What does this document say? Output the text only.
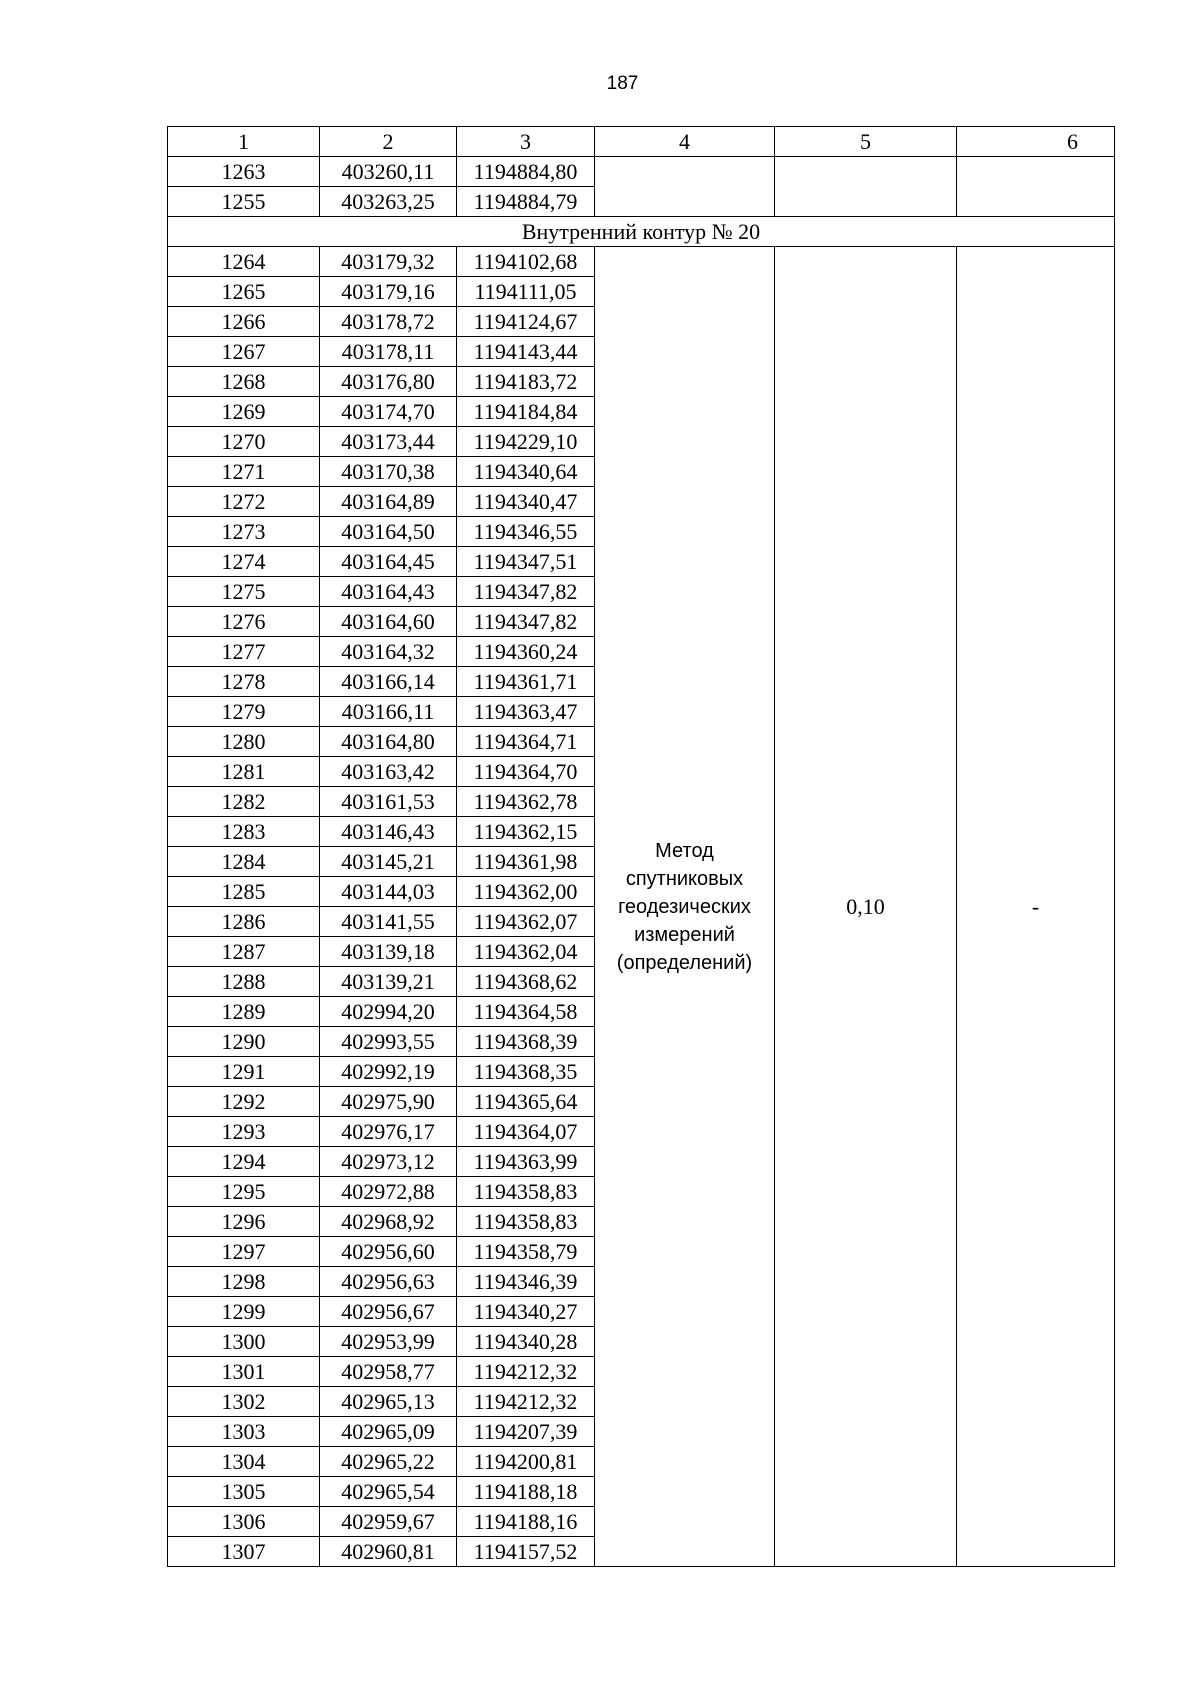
187
1	2	3	4	5	6
1263	403260,11	1194884,80			
1255	403263,25	1194884,79			
Внутренний контур № 20					
1264	403179,32	1194102,68	Метод
спутниковых
геодезических
измерений
(определений)	0,10	-
1265	403179,16	1194111,05			
1266	403178,72	1194124,67			
1267	403178,11	1194143,44			
1268	403176,80	1194183,72			
1269	403174,70	1194184,84			
1270	403173,44	1194229,10			
1271	403170,38	1194340,64			
1272	403164,89	1194340,47			
1273	403164,50	1194346,55			
1274	403164,45	1194347,51			
1275	403164,43	1194347,82			
1276	403164,60	1194347,82			
1277	403164,32	1194360,24			
1278	403166,14	1194361,71			
1279	403166,11	1194363,47			
1280	403164,80	1194364,71			
1281	403163,42	1194364,70			
1282	403161,53	1194362,78			
1283	403146,43	1194362,15			
1284	403145,21	1194361,98			
1285	403144,03	1194362,00			
1286	403141,55	1194362,07			
1287	403139,18	1194362,04			
1288	403139,21	1194368,62			
1289	402994,20	1194364,58			
1290	402993,55	1194368,39			
1291	402992,19	1194368,35			
1292	402975,90	1194365,64			
1293	402976,17	1194364,07			
1294	402973,12	1194363,99			
1295	402972,88	1194358,83			
1296	402968,92	1194358,83			
1297	402956,60	1194358,79			
1298	402956,63	1194346,39			
1299	402956,67	1194340,27			
1300	402953,99	1194340,28			
1301	402958,77	1194212,32			
1302	402965,13	1194212,32			
1303	402965,09	1194207,39			
1304	402965,22	1194200,81			
1305	402965,54	1194188,18			
1306	402959,67	1194188,16			
1307	402960,81	1194157,52			
